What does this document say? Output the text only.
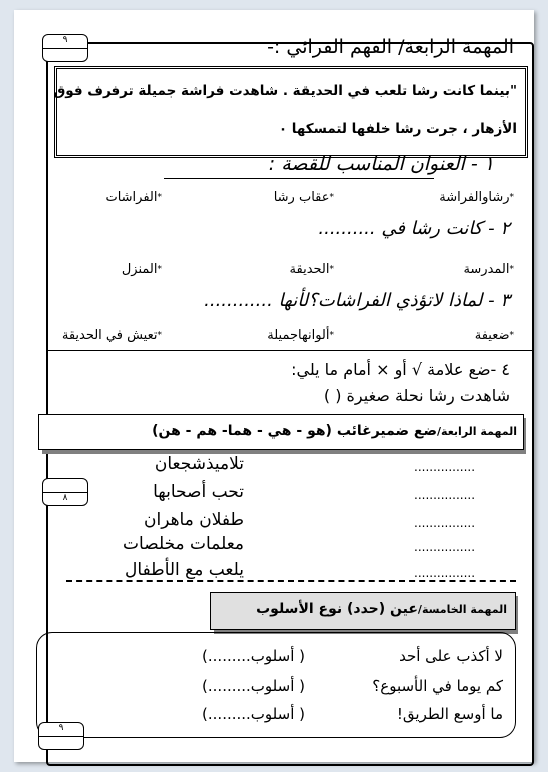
٩	المهمة الرابعة/ الفهم القرائي :-
"بينما كانت رشا تلعب في الحديقة . شاهدت فراشة جميلة ترفرف فوق
الأزهار ، جرت رشا خلفها لتمسكها ٠
١ - العنوان المناسب للقصة :
*رشاوالفراشة
*عقاب رشا
*الفراشات
٢ - كانت رشا في ..........
*المدرسة
*الحديقة
*المنزل
٣ - لماذا لاتؤذي الفراشات؟لأنها ............
*ضعيفة
*ألوانهاجميلة
*تعيش في الحديقة
٤ -ضع علامة √ أو × أمام ما يلي:
شاهدت رشا نحلة صغيرة ( )
المهمة الرابعة/ضع ضميرغائب (هو - هي - هما- هم - هن)
٨
تلاميذشجعان	................
تحب أصحابها	................
طفلان ماهران	................
معلمات مخلصات	................
يلعب مع الأطفال	................
المهمة الخامسة/عين (حدد) نوع الأسلوب
لا أكذب على أحد
( أسلوب.........)
كم يوما في الأسبوع؟
( أسلوب.........)
ما أوسع الطريق!
( أسلوب.........)
٩
